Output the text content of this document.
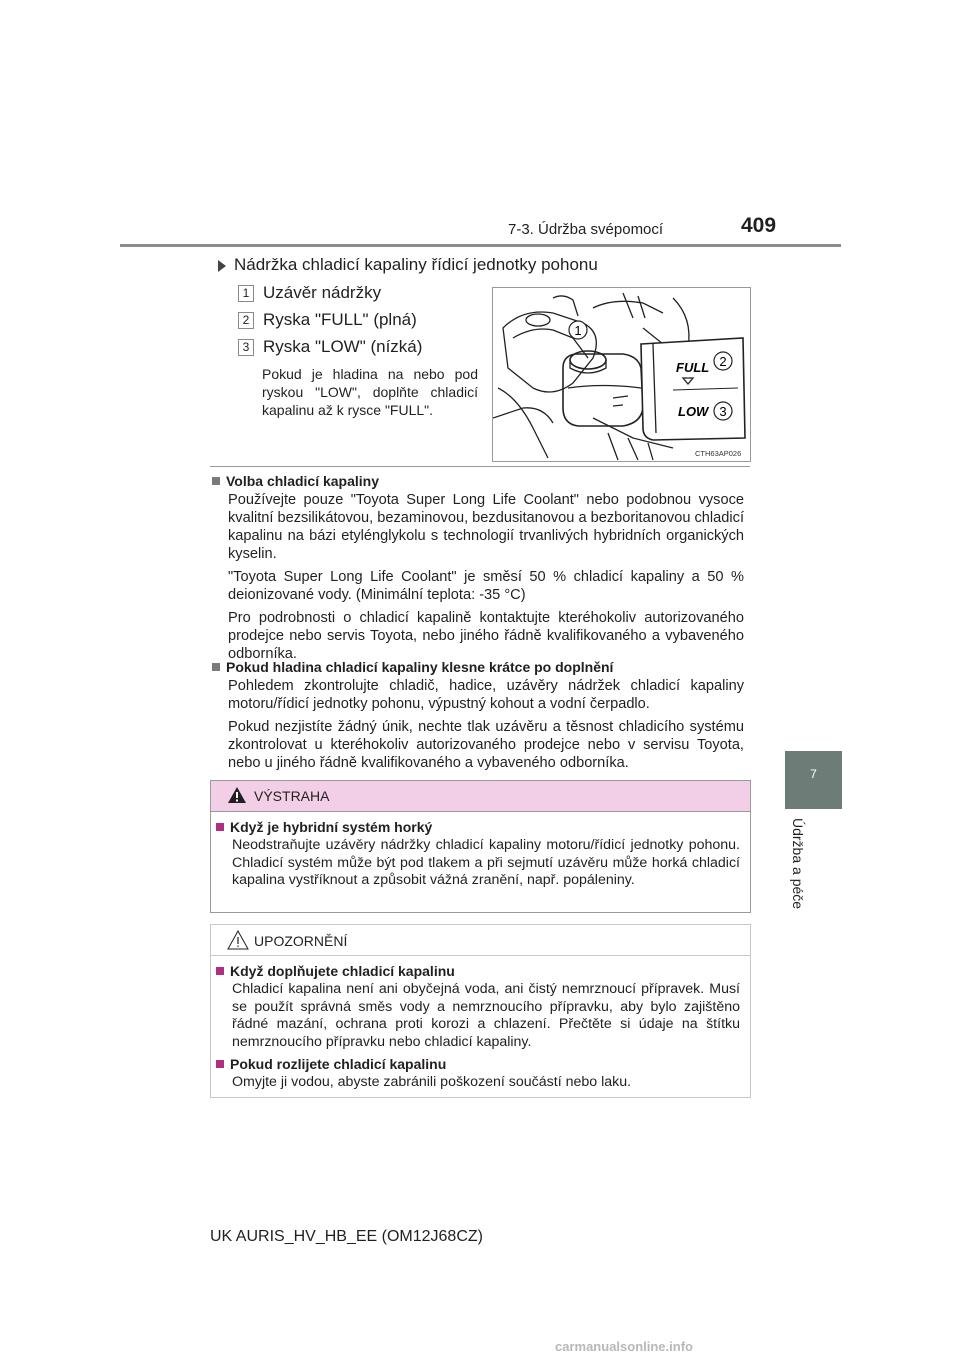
7-3. Údržba svépomocí	409
7
Údržba a péče
Nádržka chladicí kapaliny řídicí jednotky pohonu
1 Uzávěr nádržky
2 Ryska "FULL" (plná)
3 Ryska "LOW" (nízká)
Pokud je hladina na nebo pod ryskou "LOW", doplňte chladicí kapalinu až k rysce "FULL".
1
2
3
FULL
LOW
CTH63AP026
Volba chladicí kapaliny
Používejte pouze "Toyota Super Long Life Coolant" nebo podobnou vysoce kvalitní bezsilikátovou, bezaminovou, bezdusitanovou a bezboritanovou chladicí kapalinu na bázi etylénglykolu s technologií trvanlivých hybridních organických kyselin.
"Toyota Super Long Life Coolant" je směsí 50 % chladicí kapaliny a 50 % deionizované vody. (Minimální teplota: -35 °C)
Pro podrobnosti o chladicí kapalině kontaktujte kteréhokoliv autorizovaného prodejce nebo servis Toyota, nebo jiného řádně kvalifikovaného a vybaveného odborníka.
Pokud hladina chladicí kapaliny klesne krátce po doplnění
Pohledem zkontrolujte chladič, hadice, uzávěry nádržek chladicí kapaliny motoru/řídicí jednotky pohonu, výpustný kohout a vodní čerpadlo.
Pokud nezjistíte žádný únik, nechte tlak uzávěru a těsnost chladicího systému zkontrolovat u kteréhokoliv autorizovaného prodejce nebo v servisu Toyota, nebo u jiného řádně kvalifikovaného a vybaveného odborníka.
VÝSTRAHA
Když je hybridní systém horký
Neodstraňujte uzávěry nádržky chladicí kapaliny motoru/řídicí jednotky pohonu. Chladicí systém může být pod tlakem a při sejmutí uzávěru může horká chladicí kapalina vystříknout a způsobit vážná zranění, např. popáleniny.
UPOZORNĚNÍ
Když doplňujete chladicí kapalinu
Chladicí kapalina není ani obyčejná voda, ani čistý nemrznoucí přípravek. Musí se použít správná směs vody a nemrznoucího přípravku, aby bylo zajištěno řádné mazání, ochrana proti korozi a chlazení. Přečtěte si údaje na štítku nemrznoucího přípravku nebo chladicí kapaliny.
Pokud rozlijete chladicí kapalinu
Omyjte ji vodou, abyste zabránili poškození součástí nebo laku.
UK AURIS_HV_HB_EE (OM12J68CZ)
carmanualsonline.info
